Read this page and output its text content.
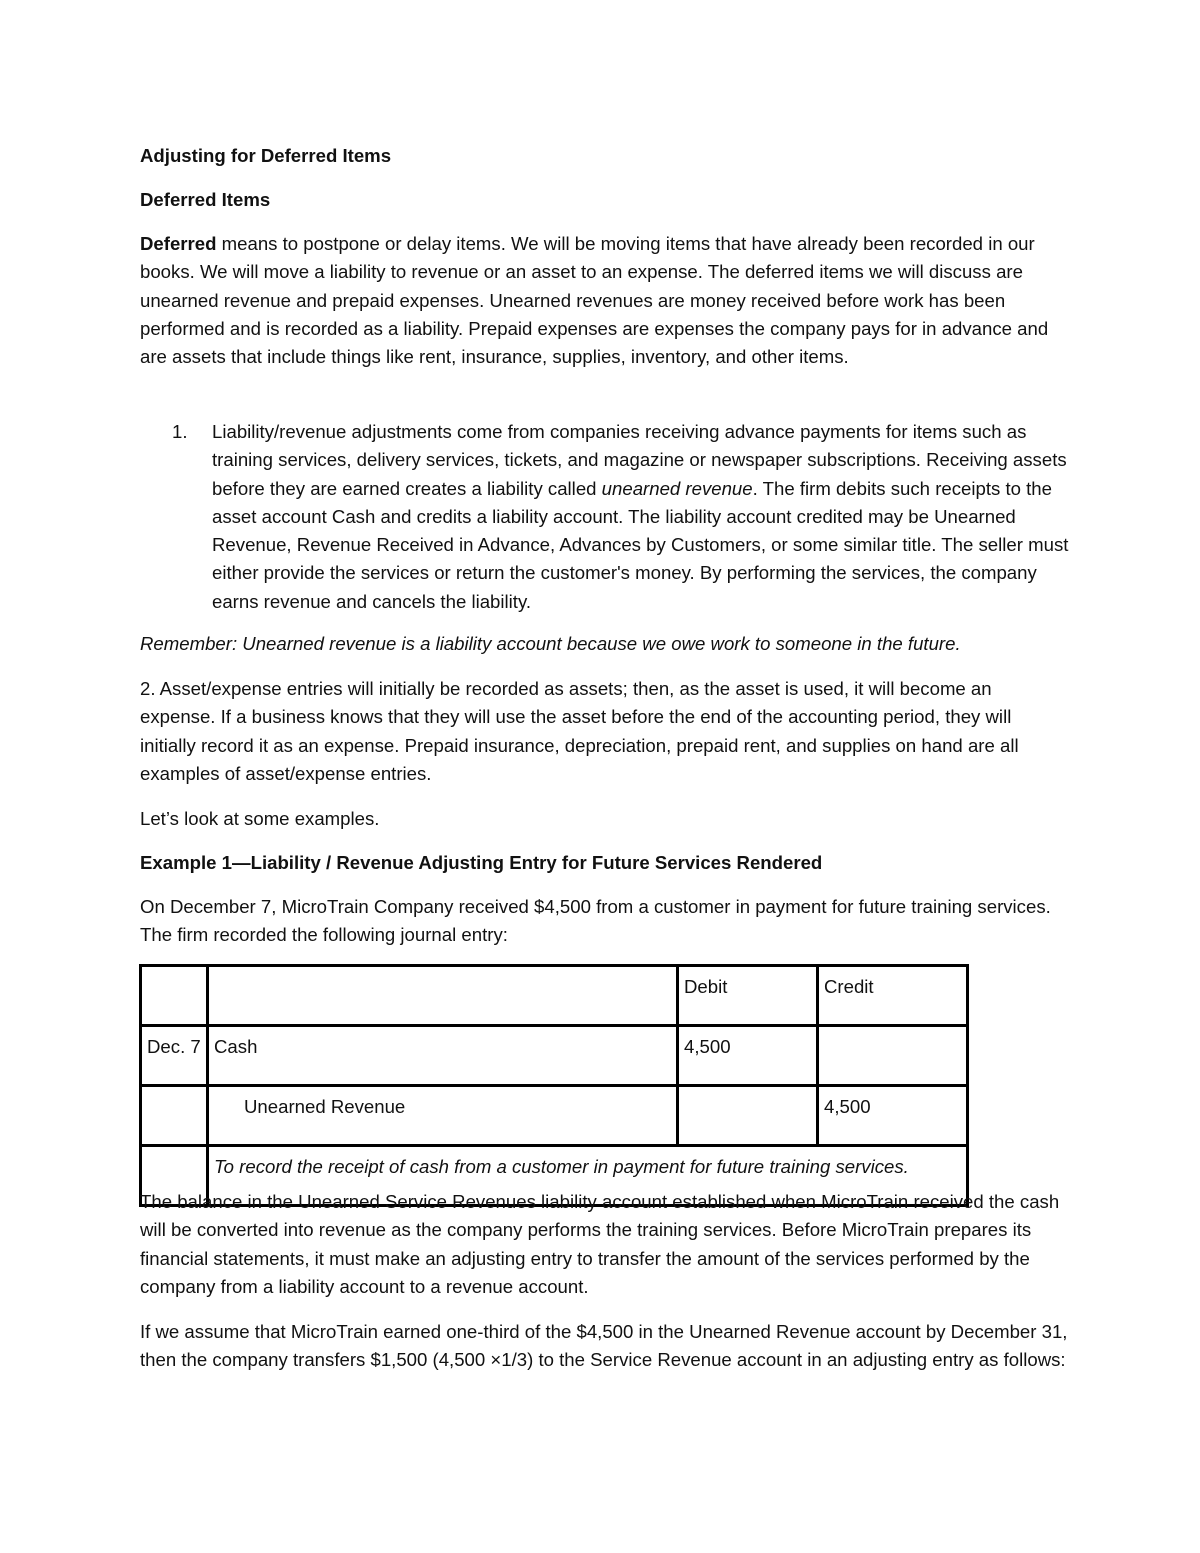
Adjusting for Deferred Items

Deferred Items

Deferred means to postpone or delay items. We will be moving items that have already been recorded in our books. We will move a liability to revenue or an asset to an expense. The deferred items we will discuss are unearned revenue and prepaid expenses. Unearned revenues are money received before work has been performed and is recorded as a liability. Prepaid expenses are expenses the company pays for in advance and are assets that include things like rent, insurance, supplies, inventory, and other items.

1. Liability/revenue adjustments come from companies receiving advance payments for items such as training services, delivery services, tickets, and magazine or newspaper subscriptions. Receiving assets before they are earned creates a liability called unearned revenue. The firm debits such receipts to the asset account Cash and credits a liability account. The liability account credited may be Unearned Revenue, Revenue Received in Advance, Advances by Customers, or some similar title. The seller must either provide the services or return the customer's money. By performing the services, the company earns revenue and cancels the liability.

Remember: Unearned revenue is a liability account because we owe work to someone in the future.

2. Asset/expense entries will initially be recorded as assets; then, as the asset is used, it will become an expense. If a business knows that they will use the asset before the end of the accounting period, they will initially record it as an expense. Prepaid insurance, depreciation, prepaid rent, and supplies on hand are all examples of asset/expense entries.

Let’s look at some examples.

Example 1—Liability / Revenue Adjusting Entry for Future Services Rendered

On December 7, MicroTrain Company received $4,500 from a customer in payment for future training services. The firm recorded the following journal entry:

		Debit	Credit
Dec. 7	Cash	4,500	
	Unearned Revenue		4,500
	To record the receipt of cash from a customer in payment for future training services.		

The balance in the Unearned Service Revenues liability account established when MicroTrain received the cash will be converted into revenue as the company performs the training services. Before MicroTrain prepares its financial statements, it must make an adjusting entry to transfer the amount of the services performed by the company from a liability account to a revenue account.

If we assume that MicroTrain earned one-third of the $4,500 in the Unearned Revenue account by December 31, then the company transfers $1,500 (4,500 ×1/3) to the Service Revenue account in an adjusting entry as follows:
